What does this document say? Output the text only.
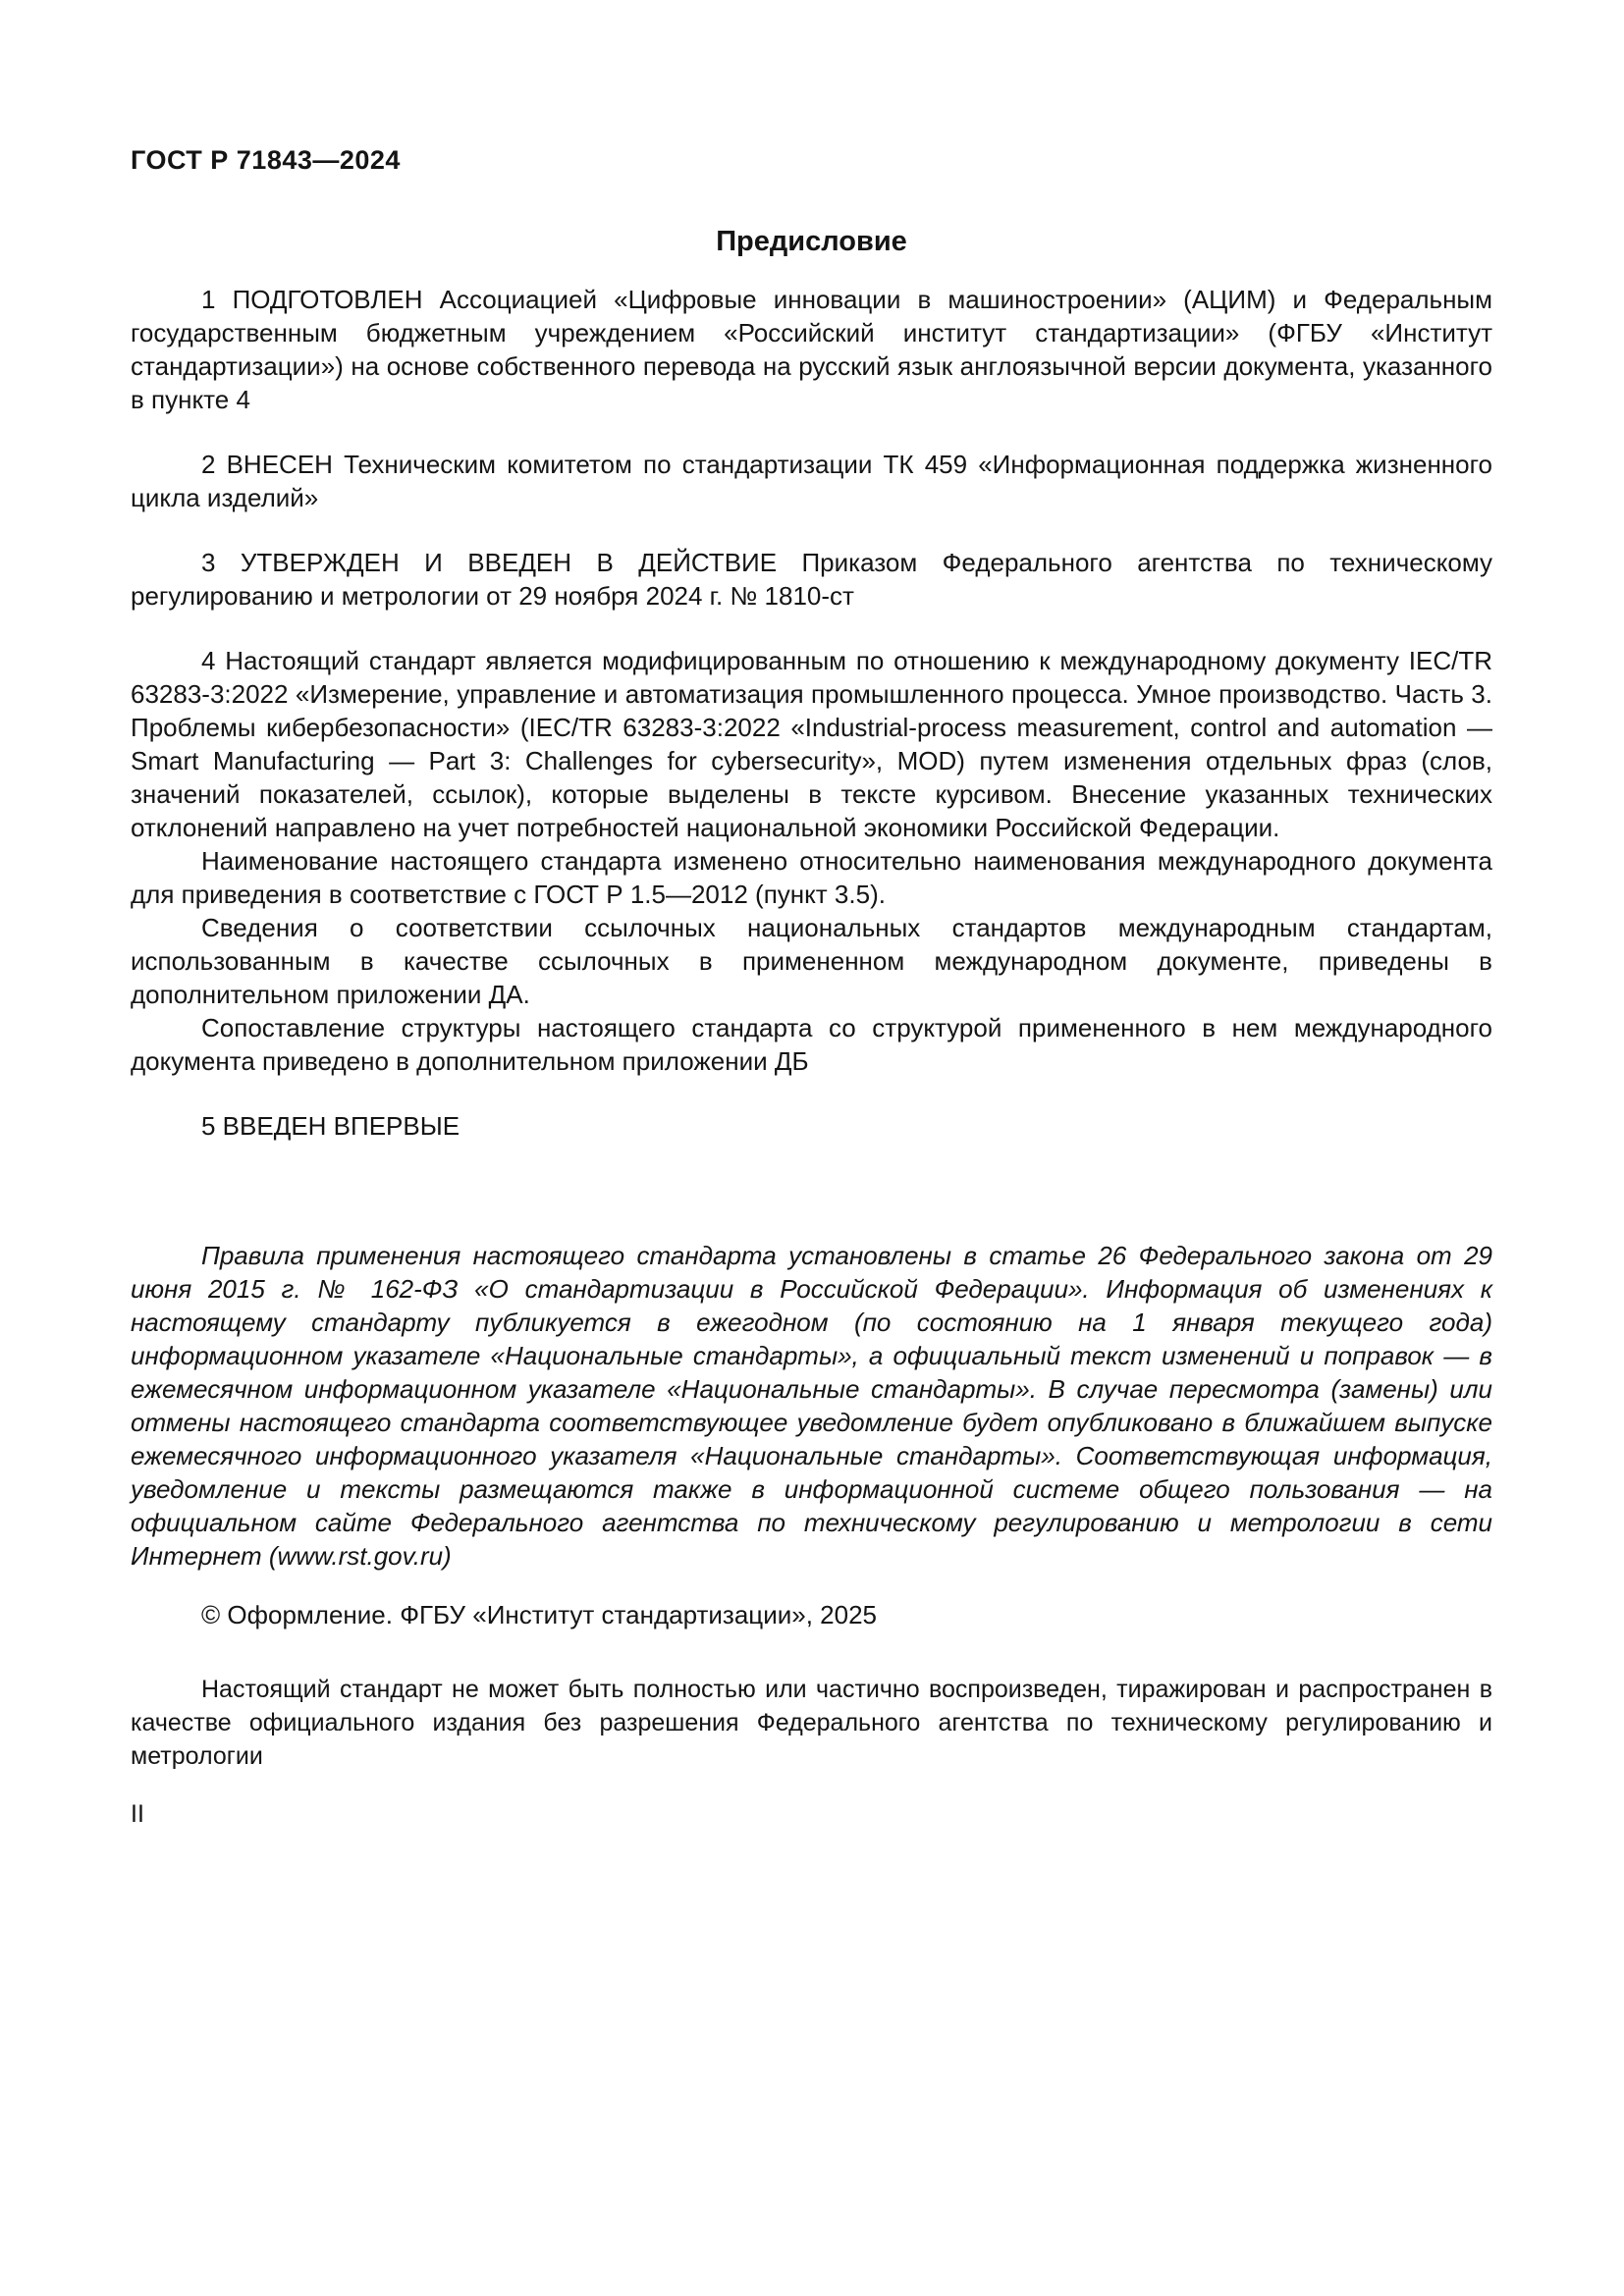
ГОСТ Р 71843—2024
Предисловие

1 ПОДГОТОВЛЕН Ассоциацией «Цифровые инновации в машиностроении» (АЦИМ) и Федеральным государственным бюджетным учреждением «Российский институт стандартизации» (ФГБУ «Институт стандартизации») на основе собственного перевода на русский язык англоязычной версии документа, указанного в пункте 4

2 ВНЕСЕН Техническим комитетом по стандартизации ТК 459 «Информационная поддержка жизненного цикла изделий»

3 УТВЕРЖДЕН И ВВЕДЕН В ДЕЙСТВИЕ Приказом Федерального агентства по техническому регулированию и метрологии от 29 ноября 2024 г. № 1810-ст

4 Настоящий стандарт является модифицированным по отношению к международному документу IEC/TR 63283-3:2022 «Измерение, управление и автоматизация промышленного процесса. Умное производство. Часть 3. Проблемы кибербезопасности» (IEC/TR 63283-3:2022 «Industrial-process measurement, control and automation — Smart Manufacturing — Part 3: Challenges for cybersecurity», MOD) путем изменения отдельных фраз (слов, значений показателей, ссылок), которые выделены в тексте курсивом. Внесение указанных технических отклонений направлено на учет потребностей национальной экономики Российской Федерации.

Наименование настоящего стандарта изменено относительно наименования международного документа для приведения в соответствие с ГОСТ Р 1.5—2012 (пункт 3.5).

Сведения о соответствии ссылочных национальных стандартов международным стандартам, использованным в качестве ссылочных в примененном международном документе, приведены в дополнительном приложении ДА.

Сопоставление структуры настоящего стандарта со структурой примененного в нем международного документа приведено в дополнительном приложении ДБ

5 ВВЕДЕН ВПЕРВЫЕ

Правила применения настоящего стандарта установлены в статье 26 Федерального закона от 29 июня 2015 г. № 162-ФЗ «О стандартизации в Российской Федерации». Информация об изменениях к настоящему стандарту публикуется в ежегодном (по состоянию на 1 января текущего года) информационном указателе «Национальные стандарты», а официальный текст изменений и поправок — в ежемесячном информационном указателе «Национальные стандарты». В случае пересмотра (замены) или отмены настоящего стандарта соответствующее уведомление будет опубликовано в ближайшем выпуске ежемесячного информационного указателя «Национальные стандарты». Соответствующая информация, уведомление и тексты размещаются также в информационной системе общего пользования — на официальном сайте Федерального агентства по техническому регулированию и метрологии в сети Интернет (www.rst.gov.ru)

© Оформление. ФГБУ «Институт стандартизации», 2025

Настоящий стандарт не может быть полностью или частично воспроизведен, тиражирован и распространен в качестве официального издания без разрешения Федерального агентства по техническому регулированию и метрологии

II
